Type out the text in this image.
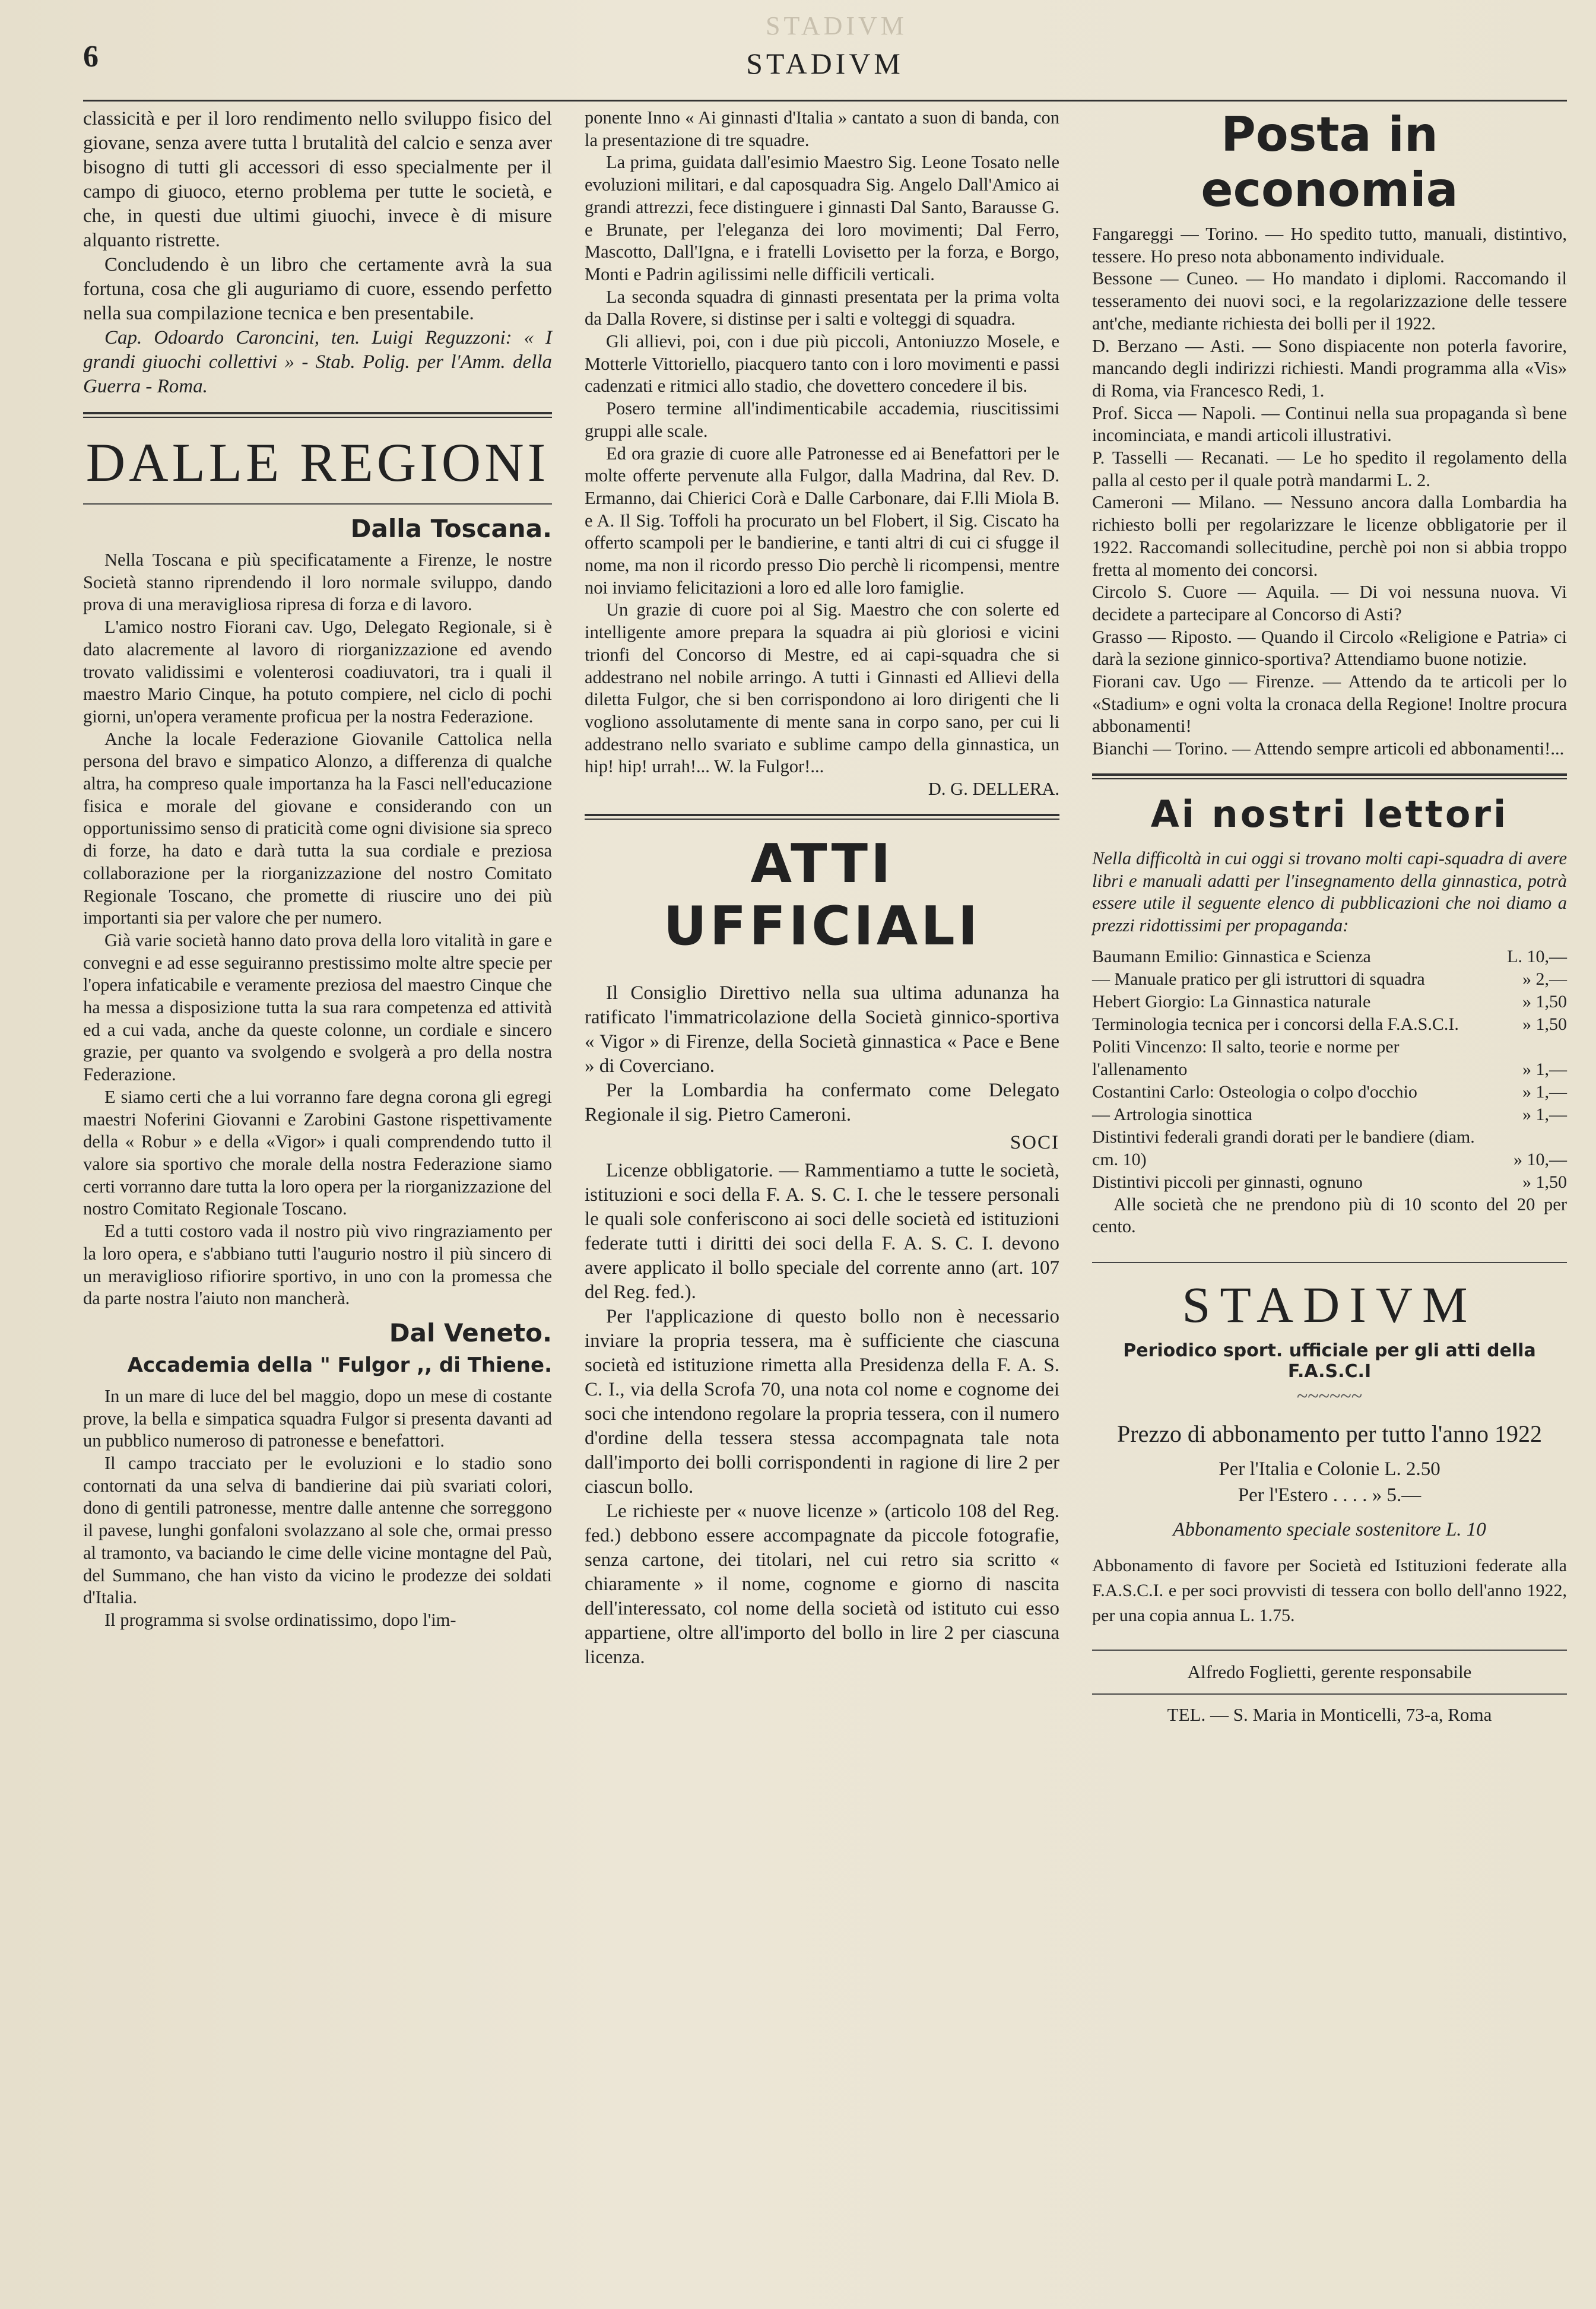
STADIVM
6	STADIVM

classicità e per il loro rendimento nello sviluppo fisico del giovane, senza avere tutta l brutalità del calcio e senza aver bisogno di tutti gli accessori di esso specialmente per il campo di giuoco, eterno problema per tutte le società, e che, in questi due ultimi giuochi, invece è di misure alquanto ristrette.

Concludendo è un libro che certamente avrà la sua fortuna, cosa che gli auguriamo di cuore, essendo perfetto nella sua compilazione tecnica e ben presentabile.

Cap. Odoardo Caroncini, ten. Luigi Reguzzoni: « I grandi giuochi collettivi » - Stab. Polig. per l'Amm. della Guerra - Roma.

DALLE REGIONI
Dalla Toscana.

Nella Toscana e più specificatamente a Firenze, le nostre Società stanno riprendendo il loro normale sviluppo, dando prova di una meravigliosa ripresa di forza e di lavoro.

L'amico nostro Fiorani cav. Ugo, Delegato Regionale, si è dato alacremente al lavoro di riorganizzazione ed avendo trovato validissimi e volenterosi coadiuvatori, tra i quali il maestro Mario Cinque, ha potuto compiere, nel ciclo di pochi giorni, un'opera veramente proficua per la nostra Federazione.

Anche la locale Federazione Giovanile Cattolica nella persona del bravo e simpatico Alonzo, a differenza di qualche altra, ha compreso quale importanza ha la Fasci nell'educazione fisica e morale del giovane e considerando con un opportunissimo senso di praticità come ogni divisione sia spreco di forze, ha dato e darà tutta la sua cordiale e preziosa collaborazione per la riorganizzazione del nostro Comitato Regionale Toscano, che promette di riuscire uno dei più importanti sia per valore che per numero.

Già varie società hanno dato prova della loro vitalità in gare e convegni e ad esse seguiranno prestissimo molte altre specie per l'opera infaticabile e veramente preziosa del maestro Cinque che ha messa a disposizione tutta la sua rara competenza ed attività ed a cui vada, anche da queste colonne, un cordiale e sincero grazie, per quanto va svolgendo e svolgerà a pro della nostra Federazione.

E siamo certi che a lui vorranno fare degna corona gli egregi maestri Noferini Giovanni e Zarobini Gastone rispettivamente della « Robur » e della «Vigor» i quali comprendendo tutto il valore sia sportivo che morale della nostra Federazione siamo certi vorranno dare tutta la loro opera per la riorganizzazione del nostro Comitato Regionale Toscano.

Ed a tutti costoro vada il nostro più vivo ringraziamento per la loro opera, e s'abbiano tutti l'augurio nostro il più sincero di un meraviglioso rifiorire sportivo, in uno con la promessa che da parte nostra l'aiuto non mancherà.

Dal Veneto.
Accademia della " Fulgor ,, di Thiene.

In un mare di luce del bel maggio, dopo un mese di costante prove, la bella e simpatica squadra Fulgor si presenta davanti ad un pubblico numeroso di patronesse e benefattori.

Il campo tracciato per le evoluzioni e lo stadio sono contornati da una selva di bandierine dai più svariati colori, dono di gentili patronesse, mentre dalle antenne che sorreggono il pavese, lunghi gonfaloni svolazzano al sole che, ormai presso al tramonto, va baciando le cime delle vicine montagne del Paù, del Summano, che han visto da vicino le prodezze dei soldati d'Italia.

Il programma si svolse ordinatissimo, dopo l'im-

ponente Inno « Ai ginnasti d'Italia » cantato a suon di banda, con la presentazione di tre squadre.

La prima, guidata dall'esimio Maestro Sig. Leone Tosato nelle evoluzioni militari, e dal caposquadra Sig. Angelo Dall'Amico ai grandi attrezzi, fece distinguere i ginnasti Dal Santo, Barausse G. e Brunate, per l'eleganza dei loro movimenti; Dal Ferro, Mascotto, Dall'Igna, e i fratelli Lovisetto per la forza, e Borgo, Monti e Padrin agilissimi nelle difficili verticali.

La seconda squadra di ginnasti presentata per la prima volta da Dalla Rovere, si distinse per i salti e volteggi di squadra.

Gli allievi, poi, con i due più piccoli, Antoniuzzo Mosele, e Motterle Vittoriello, piacquero tanto con i loro movimenti e passi cadenzati e ritmici allo stadio, che dovettero concedere il bis.

Posero termine all'indimenticabile accademia, riuscitissimi gruppi alle scale.

Ed ora grazie di cuore alle Patronesse ed ai Benefattori per le molte offerte pervenute alla Fulgor, dalla Madrina, dal Rev. D. Ermanno, dai Chierici Corà e Dalle Carbonare, dai F.lli Miola B. e A. Il Sig. Toffoli ha procurato un bel Flobert, il Sig. Ciscato ha offerto scampoli per le bandierine, e tanti altri di cui ci sfugge il nome, ma non il ricordo presso Dio perchè li ricompensi, mentre noi inviamo felicitazioni a loro ed alle loro famiglie.

Un grazie di cuore poi al Sig. Maestro che con solerte ed intelligente amore prepara la squadra ai più gloriosi e vicini trionfi del Concorso di Mestre, ed ai capi-squadra che si addestrano nel nobile arringo. A tutti i Ginnasti ed Allievi della diletta Fulgor, che si ben corrispondono ai loro dirigenti che li vogliono assolutamente di mente sana in corpo sano, per cui li addestrano nello svariato e sublime campo della ginnastica, un hip! hip! urrah!... W. la Fulgor!...

D. G. DELLERA.

ATTI UFFICIALI

Il Consiglio Direttivo nella sua ultima adunanza ha ratificato l'immatricolazione della Società ginnico-sportiva « Vigor » di Firenze, della Società ginnastica « Pace e Bene » di Coverciano.

Per la Lombardia ha confermato come Delegato Regionale il sig. Pietro Cameroni.

SOCI

Licenze obbligatorie. — Rammentiamo a tutte le società, istituzioni e soci della F. A. S. C. I. che le tessere personali le quali sole conferiscono ai soci delle società ed istituzioni federate tutti i diritti dei soci della F. A. S. C. I. devono avere applicato il bollo speciale del corrente anno (art. 107 del Reg. fed.).

Per l'applicazione di questo bollo non è necessario inviare la propria tessera, ma è sufficiente che ciascuna società ed istituzione rimetta alla Presidenza della F. A. S. C. I., via della Scrofa 70, una nota col nome e cognome dei soci che intendono regolare la propria tessera, con il numero d'ordine della tessera stessa accompagnata tale nota dall'importo dei bolli corrispondenti in ragione di lire 2 per ciascun bollo.

Le richieste per « nuove licenze » (articolo 108 del Reg. fed.) debbono essere accompagnate da piccole fotografie, senza cartone, dei titolari, nel cui retro sia scritto « chiaramente » il nome, cognome e giorno di nascita dell'interessato, col nome della società od istituto cui esso appartiene, oltre all'importo del bollo in lire 2 per ciascuna licenza.

Posta in economia

Fangareggi — Torino. — Ho spedito tutto, manuali, distintivo, tessere. Ho preso nota abbonamento individuale.

Bessone — Cuneo. — Ho mandato i diplomi. Raccomando il tesseramento dei nuovi soci, e la regolarizzazione delle tessere ant'che, mediante richiesta dei bolli per il 1922.

D. Berzano — Asti. — Sono dispiacente non poterla favorire, mancando degli indirizzi richiesti. Mandi programma alla «Vis» di Roma, via Francesco Redi, 1.

Prof. Sicca — Napoli. — Continui nella sua propaganda sì bene incominciata, e mandi articoli illustrativi.

P. Tasselli — Recanati. — Le ho spedito il regolamento della palla al cesto per il quale potrà mandarmi L. 2.

Cameroni — Milano. — Nessuno ancora dalla Lombardia ha richiesto bolli per regolarizzare le licenze obbligatorie per il 1922. Raccomandi sollecitudine, perchè poi non si abbia troppo fretta al momento dei concorsi.

Circolo S. Cuore — Aquila. — Di voi nessuna nuova. Vi decidete a partecipare al Concorso di Asti?

Grasso — Riposto. — Quando il Circolo «Religione e Patria» ci darà la sezione ginnico-sportiva? Attendiamo buone notizie.

Fiorani cav. Ugo — Firenze. — Attendo da te articoli per lo «Stadium» e ogni volta la cronaca della Regione! Inoltre procura abbonamenti!

Bianchi — Torino. — Attendo sempre articoli ed abbonamenti!...

Ai nostri lettori

Nella difficoltà in cui oggi si trovano molti capi-squadra di avere libri e manuali adatti per l'insegnamento della ginnastica, potrà essere utile il seguente elenco di pubblicazioni che noi diamo a prezzi ridottissimi per propaganda:

Baumann Emilio: Ginnastica e Scienza	L. 10,—
— Manuale pratico per gli istruttori di squadra	» 2,—
Hebert Giorgio: La Ginnastica naturale	» 1,50
Terminologia tecnica per i concorsi della F.A.S.C.I.	» 1,50
Politi Vincenzo: Il salto, teorie e norme per l'allenamento	» 1,—
Costantini Carlo: Osteologia o colpo d'occhio	» 1,—
— Artrologia sinottica	» 1,—
Distintivi federali grandi dorati per le bandiere (diam. cm. 10)	» 10,—
Distintivi piccoli per ginnasti, ognuno	» 1,50

Alle società che ne prendono più di 10 sconto del 20 per cento.

STADIVM
Periodico sport. ufficiale per gli atti della F.A.S.C.I
~~~~~~
Prezzo di abbonamento per tutto l'anno 1922
Per l'Italia e Colonie L. 2.50
Per l'Estero . . . . » 5.—
Abbonamento speciale sostenitore L. 10

Abbonamento di favore per Società ed Istituzioni federate alla F.A.S.C.I. e per soci provvisti di tessera con bollo dell'anno 1922, per una copia annua L. 1.75.

Alfredo Foglietti, gerente responsabile
TEL. — S. Maria in Monticelli, 73-a, Roma
